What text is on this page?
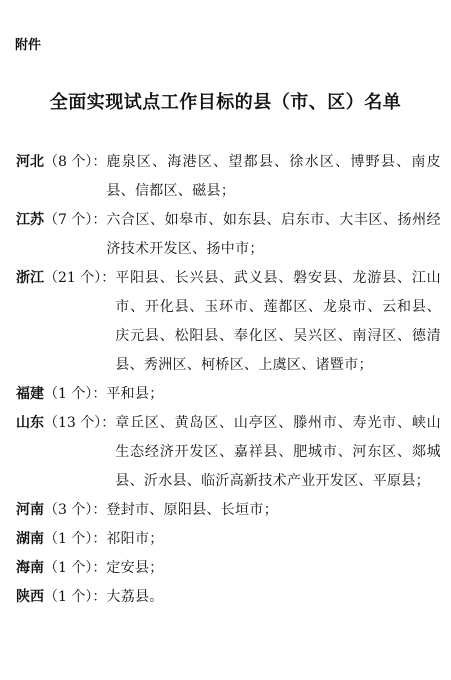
附件
全面实现试点工作目标的县（市、区）名单
河北（8 个）： 鹿泉区、海港区、望都县、徐水区、博野县、南皮县、信都区、磁县；
江苏（7 个）： 六合区、如皋市、如东县、启东市、大丰区、扬州经济技术开发区、扬中市；
浙江（21 个）： 平阳县、长兴县、武义县、磐安县、龙游县、江山市、开化县、玉环市、莲都区、龙泉市、云和县、庆元县、松阳县、奉化区、吴兴区、南浔区、德清县、秀洲区、柯桥区、上虞区、诸暨市；
福建（1 个）： 平和县；
山东（13 个）： 章丘区、黄岛区、山亭区、滕州市、寿光市、峡山生态经济开发区、嘉祥县、肥城市、河东区、郯城县、沂水县、临沂高新技术产业开发区、平原县；
河南（3 个）： 登封市、原阳县、长垣市；
湖南（1 个）： 祁阳市；
海南（1 个）： 定安县；
陕西（1 个）： 大荔县。
